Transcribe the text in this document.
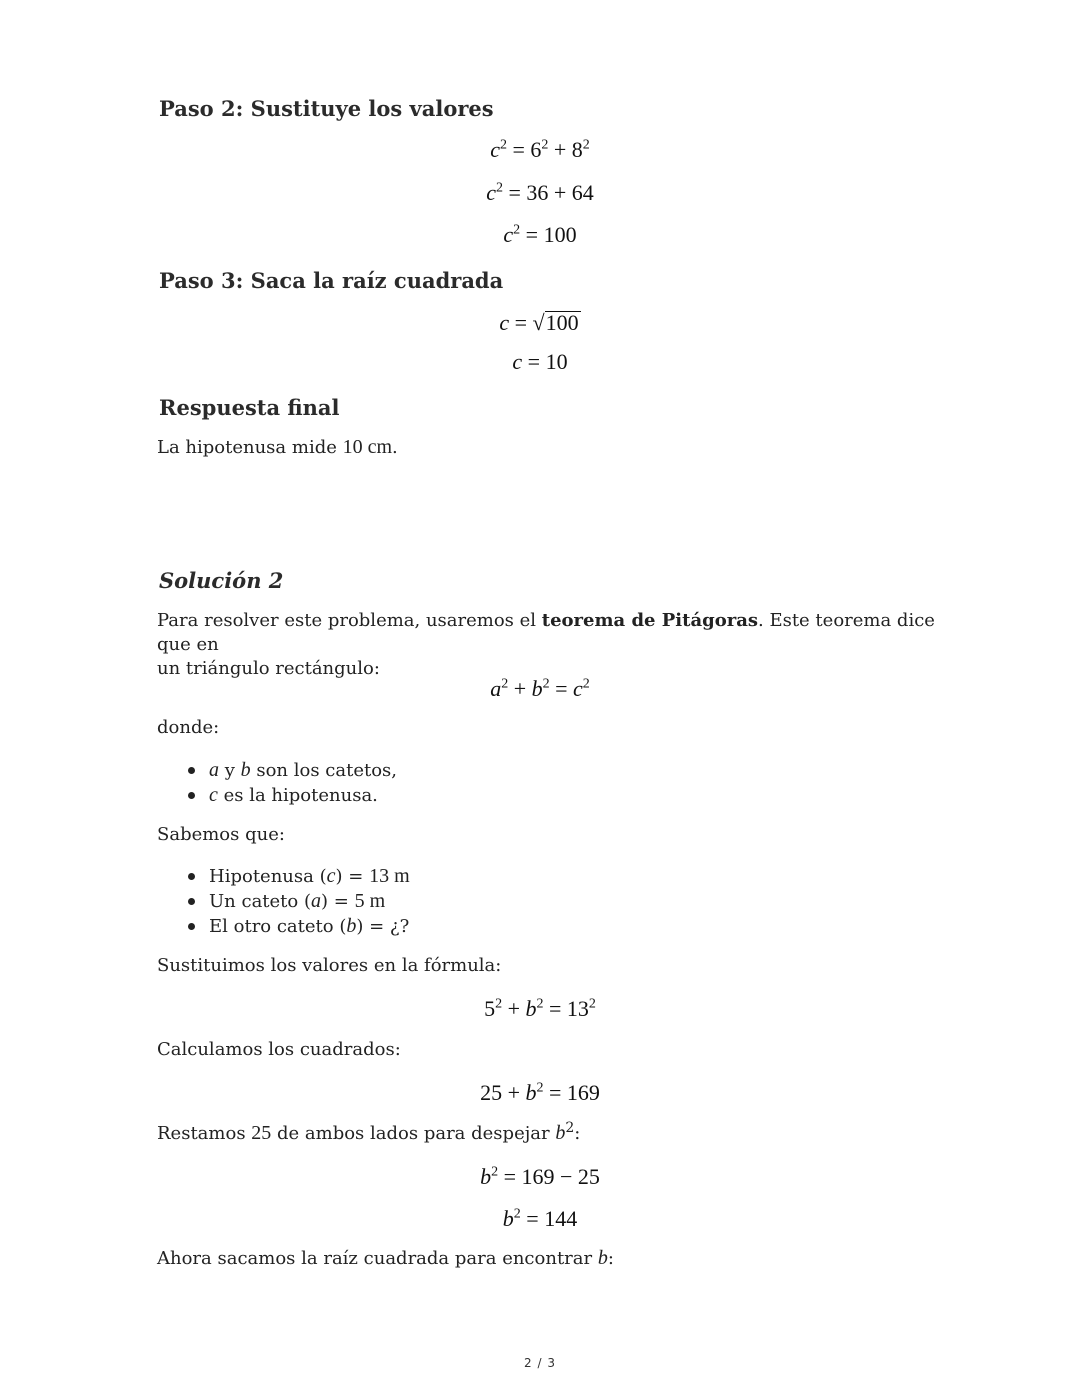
Paso 2: Sustituye los valores
$c^2 = 6^2 + 8^2$
$c^2 = 36 + 64$
$c^2 = 100$
Paso 3: Saca la raíz cuadrada
c = √100
c = 10
Respuesta final
La hipotenusa mide 10 cm.
Solución 2
Para resolver este problema, usaremos el teorema de Pitágoras. Este teorema dice que en
un triángulo rectángulo:
$a^2 + b^2 = c^2$
donde:
a y b son los catetos,
c es la hipotenusa.
Sabemos que:
Hipotenusa (c) = 13 m
Un cateto (a) = 5 m
El otro cateto (b) = ¿?
Sustituimos los valores en la fórmula:
$5^2 + b^2 = 13^2$
Calculamos los cuadrados:
$25 + b^2 = 169$
Restamos 25 de ambos lados para despejar $b^2$:
$b^2 = 169 - 25$
$b^2 = 144$
Ahora sacamos la raíz cuadrada para encontrar b:
2 / 3
